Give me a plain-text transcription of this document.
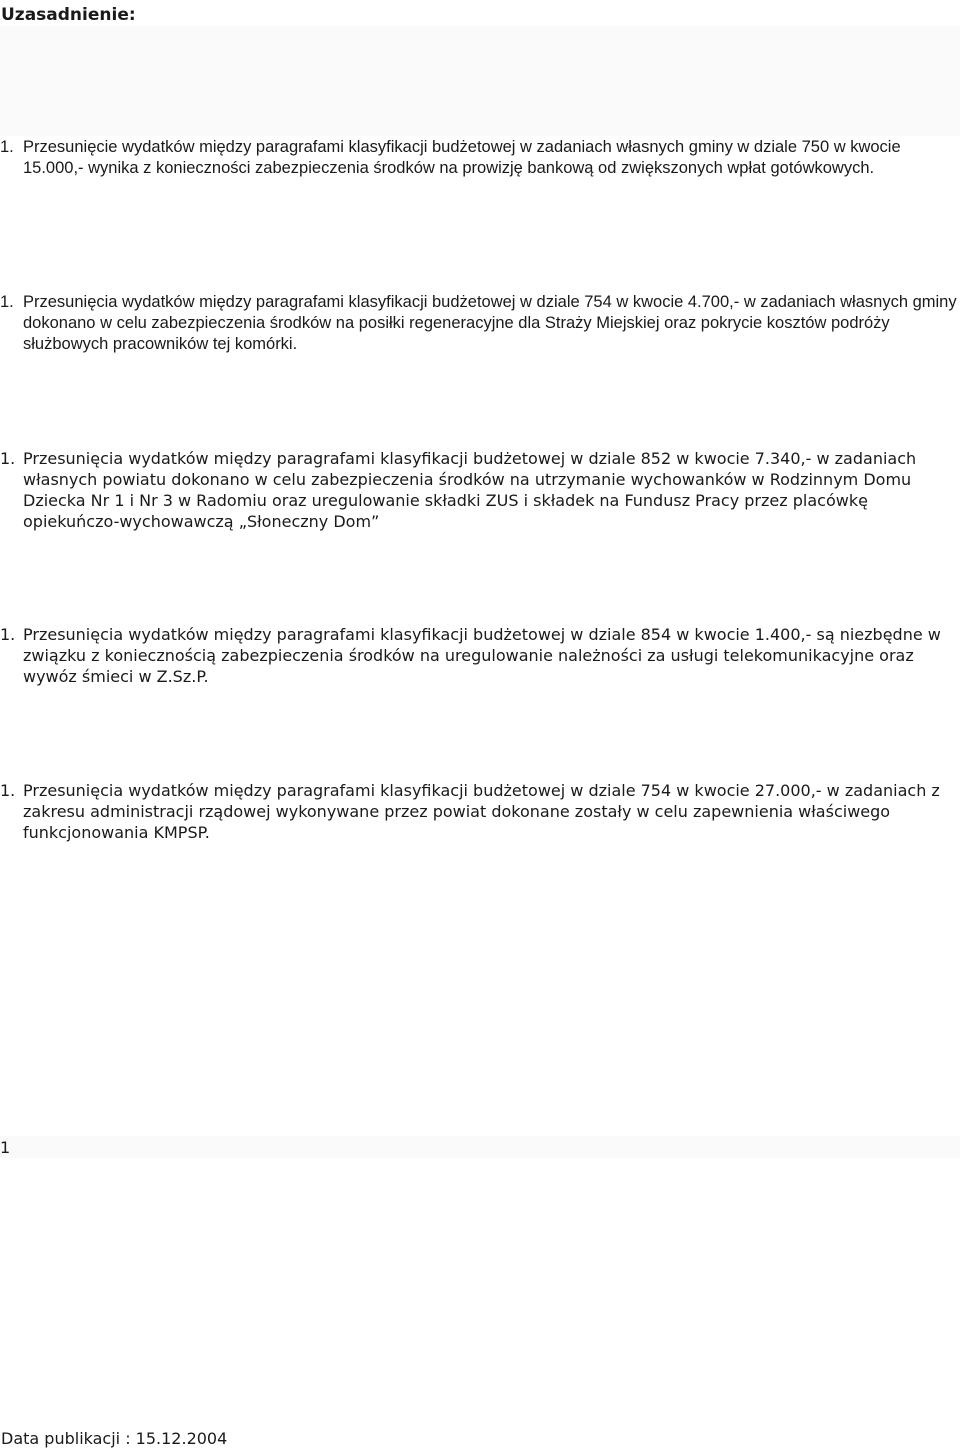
Uzasadnienie:
1. Przesunięcie wydatków między paragrafami klasyfikacji budżetowej w zadaniach własnych gminy w dziale 750 w kwocie 15.000,- wynika z konieczności zabezpieczenia środków na prowizję bankową od zwiększonych wpłat gotówkowych.
1. Przesunięcia wydatków między paragrafami klasyfikacji budżetowej w dziale 754 w kwocie 4.700,- w zadaniach własnych gminy dokonano w celu zabezpieczenia środków na posiłki regeneracyjne dla Straży Miejskiej oraz pokrycie kosztów podróży służbowych pracowników tej komórki.
1. Przesunięcia wydatków między paragrafami klasyfikacji budżetowej w dziale 852 w kwocie 7.340,- w zadaniach własnych powiatu dokonano w celu zabezpieczenia środków na utrzymanie wychowanków w Rodzinnym Domu Dziecka Nr 1 i Nr 3 w Radomiu oraz uregulowanie składki ZUS i składek na Fundusz Pracy przez placówkę opiekuńczo-wychowawczą „Słoneczny Dom”
1. Przesunięcia wydatków między paragrafami klasyfikacji budżetowej w dziale 854 w kwocie 1.400,- są niezbędne w związku z koniecznością zabezpieczenia środków na uregulowanie należności za usługi telekomunikacyjne oraz wywóz śmieci w Z.Sz.P.
1. Przesunięcia wydatków między paragrafami klasyfikacji budżetowej w dziale 754 w kwocie 27.000,- w zadaniach z zakresu administracji rządowej wykonywane przez powiat dokonane zostały w celu zapewnienia właściwego funkcjonowania KMPSP.
1
Data publikacji : 15.12.2004
